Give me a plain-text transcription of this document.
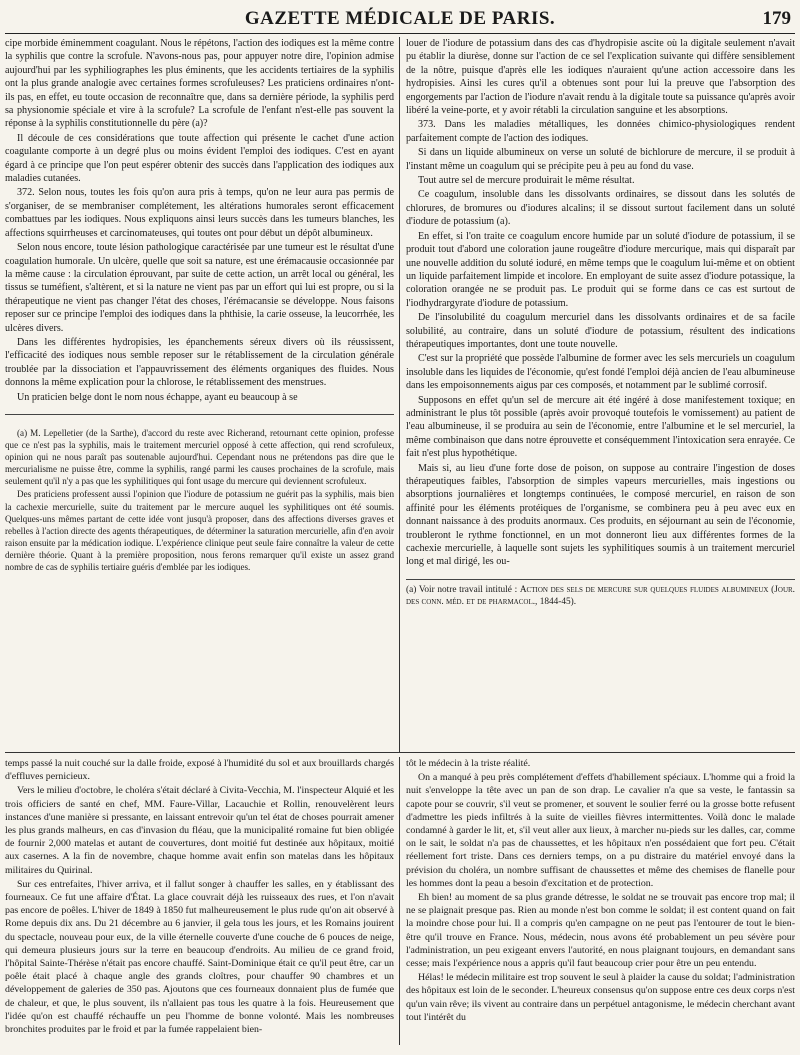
GAZETTE MÉDICALE DE PARIS.	179

cipe morbide éminemment coagulant. Nous le répétons, l'action des iodiques est la même contre la syphilis que contre la scrofule. N'avons-nous pas, pour appuyer notre dire, l'opinion admise aujourd'hui par les syphiliographes les plus éminents, que les accidents tertiaires de la syphilis ont la plus grande analogie avec certaines formes scrofuleuses? Les praticiens ordinaires n'ont-ils pas, en effet, eu toute occasion de reconnaître que, dans sa dernière période, la syphilis perd sa physionomie spéciale et vire à la scrofule? La scrofule de l'enfant n'est-elle pas souvent la réponse à la syphilis constitutionnelle du père (a)?

Il découle de ces considérations que toute affection qui présente le cachet d'une action coagulante comporte à un degré plus ou moins évident l'emploi des iodiques. C'est en ayant égard à ce principe que l'on peut espérer obtenir des succès dans l'application des iodiques aux maladies cutanées.

372. Selon nous, toutes les fois qu'on aura pris à temps, qu'on ne leur aura pas permis de s'organiser, de se membraniser complétement, les altérations humorales seront efficacement combattues par les iodiques. Nous expliquons ainsi leurs succès dans les tumeurs blanches, les affections squirrheuses et carcinomateuses, qui toutes ont pour début un dépôt albumineux.

Selon nous encore, toute lésion pathologique caractérisée par une tumeur est le résultat d'une coagulation humorale. Un ulcère, quelle que soit sa nature, est une érémacausie occasionnée par la même cause : la circulation éprouvant, par suite de cette action, un arrêt local ou général, les tissus se tuméfient, s'altèrent, et si la nature ne vient pas par un effort qui lui est propre, ou si la thérapeutique ne vient pas changer l'état des choses, l'érémacansie se développe. Nous faisons reposer sur ce principe l'emploi des iodiques dans la phthisie, la carie osseuse, la leucorrhée, les ulcères divers.

Dans les différentes hydropisies, les épanchements séreux divers où ils réussissent, l'efficacité des iodiques nous semble reposer sur le rétablissement de la circulation générale troublée par la dissociation et l'appauvrissement des éléments organiques des fluides. Nous donnons la même explication pour la chlorose, le rétablissement des menstrues.

Un praticien belge dont le nom nous échappe, ayant eu beaucoup à se

(a) M. Lepelletier (de la Sarthe), d'accord du reste avec Richerand, retournant cette opinion, professe que ce n'est pas la syphilis, mais le traitement mercuriel opposé à cette affection, qui rend scrofuleux, opinion qui ne nous paraît pas soutenable aujourd'hui. Cependant nous ne prétendons pas dire que le mercurialisme ne puisse être, comme la syphilis, rangé parmi les causes prochaines de la scrofule, mais seulement qu'il n'y a pas que les syphilitiques qui font usage du mercure qui deviennent scrofuleux.

Des praticiens professent aussi l'opinion que l'iodure de potassium ne guérit pas la syphilis, mais bien la cachexie mercurielle, suite du traitement par le mercure auquel les syphilitiques ont été soumis. Quelques-uns mêmes partant de cette idée vont jusqu'à proposer, dans des affections diverses graves et rebelles à l'action directe des agents thérapeutiques, de déterminer la saturation mercurielle, afin d'en avoir raison ensuite par la médication iodique. L'expérience clinique peut seule faire connaître la valeur de cette dernière théorie. Quant à la première proposition, nous ferons remarquer qu'il existe un assez grand nombre de cas de syphilis tertiaire guéris d'emblée par les iodiques.

louer de l'iodure de potassium dans des cas d'hydropisie ascite où la digitale seulement n'avait pu établir la diurèse, donne sur l'action de ce sel l'explication suivante qui diffère sensiblement de la nôtre, puisque d'après elle les iodiques n'auraient qu'une action accessoire dans les hydropisies. Ainsi les cures qu'il a obtenues sont pour lui la preuve que l'absorption des engorgements par l'action de l'iodure n'avait rendu à la digitale toute sa puissance qu'après avoir libéré la veine-porte, et y avoir rétabli la circulation sanguine et les absorptions.

373. Dans les maladies métalliques, les données chimico-physiologiques rendent parfaitement compte de l'action des iodiques.

Si dans un liquide albumineux on verse un soluté de bichlorure de mercure, il se produit à l'instant même un coagulum qui se précipite peu à peu au fond du vase.

Tout autre sel de mercure produirait le même résultat.

Ce coagulum, insoluble dans les dissolvants ordinaires, se dissout dans les solutés de chlorures, de bromures ou d'iodures alcalins; il se dissout surtout facilement dans un soluté d'iodure de potassium (a).

En effet, si l'on traite ce coagulum encore humide par un soluté d'iodure de potassium, il se produit tout d'abord une coloration jaune rougeâtre d'iodure mercurique, mais qui disparaît par une nouvelle addition du soluté ioduré, en même temps que le coagulum lui-même et on obtient un liquide parfaitement limpide et incolore. En employant de suite assez d'iodure potassique, la coloration orangée ne se produit pas. Le produit qui se forme dans ce cas est surtout de l'iodhydrargyrate d'iodure de potassium.

De l'insolubilité du coagulum mercuriel dans les dissolvants ordinaires et de sa facile solubilité, au contraire, dans un soluté d'iodure de potassium, résultent des indications thérapeutiques importantes, dont une toute nouvelle.

C'est sur la propriété que possède l'albumine de former avec les sels mercuriels un coagulum insoluble dans les liquides de l'économie, qu'est fondé l'emploi déjà ancien de l'eau albumineuse dans les empoisonnements aigus par ces composés, et notamment par le sublimé corrosif.

Supposons en effet qu'un sel de mercure ait été ingéré à dose manifestement toxique; en administrant le plus tôt possible (après avoir provoqué toutefois le vomissement) au patient de l'eau albumineuse, il se produira au sein de l'économie, entre l'albumine et le sel mercuriel, la même combinaison que dans notre éprouvette et conséquemment l'intoxication sera enrayée. Ce fait n'est plus hypothétique.

Mais si, au lieu d'une forte dose de poison, on suppose au contraire l'ingestion de doses thérapeutiques faibles, l'absorption de simples vapeurs mercurielles, mais ingestions ou absorptions journalières et longtemps continuées, le composé mercuriel, en raison de son affinité pour les éléments protéiques de l'organisme, se combinera peu à peu avec eux en donnant naissance à des produits anormaux. Ces produits, en séjournant au sein de l'économie, troubleront le rythme fonctionnel, en un mot donneront lieu aux différentes formes de la cachexie mercurielle, à laquelle sont sujets les syphilitiques soumis à un traitement mercuriel long et mal dirigé, les ou-

(a) Voir notre travail intitulé : Action des sels de mercure sur quelques fluides albumineux (Jour. des conn. méd. et de pharmacol., 1844-45).

temps passé la nuit couché sur la dalle froide, exposé à l'humidité du sol et aux brouillards chargés d'effluves pernicieux.

Vers le milieu d'octobre, le choléra s'était déclaré à Civita-Vecchia, M. l'inspecteur Alquié et les trois officiers de santé en chef, MM. Faure-Villar, Lacauchie et Rollin, renouvelèrent leurs instances d'une manière si pressante, en laissant entrevoir qu'un tel état de choses pourrait amener les plus grands malheurs, en cas d'invasion du fléau, que la municipalité romaine fut bien obligée de fournir 2,000 matelas et autant de couvertures, dont moitié fut destinée aux hôpitaux, moitié aux casernes. A la fin de novembre, chaque homme avait enfin son matelas dans les hôpitaux militaires du Quirinal.

Sur ces entrefaites, l'hiver arriva, et il fallut songer à chauffer les salles, en y établissant des fourneaux. Ce fut une affaire d'État. La glace couvrait déjà les ruisseaux des rues, et l'on n'avait pas encore de poêles. L'hiver de 1849 à 1850 fut malheureusement le plus rude qu'on ait observé à Rome depuis dix ans. Du 21 décembre au 6 janvier, il gela tous les jours, et les Romains jouirent du spectacle, nouveau pour eux, de la ville éternelle couverte d'une couche de 6 pouces de neige, qui demeura plusieurs jours sur la terre en beaucoup d'endroits. Au milieu de ce grand froid, l'hôpital Sainte-Thérèse n'était pas encore chauffé. Saint-Dominique était ce qu'il peut être, car un poêle était placé à chaque angle des grands cloîtres, pour chauffer 90 chambres et un développement de galeries de 350 pas. Ajoutons que ces fourneaux donnaient plus de fumée que de chaleur, et que, le plus souvent, ils n'allaient pas tous les quatre à la fois. Heureusement que l'idée qu'on est chauffé réchauffe un peu l'homme de bonne volonté. Mais les nombreuses bronchites produites par le froid et par la fumée rappelaient bien-

tôt le médecin à la triste réalité.

On a manqué à peu près complétement d'effets d'habillement spéciaux. L'homme qui a froid la nuit s'enveloppe la tête avec un pan de son drap. Le cavalier n'a que sa veste, le fantassin sa capote pour se couvrir, s'il veut se promener, et souvent le soulier ferré ou la grosse botte refusent d'admettre les pieds infiltrés à la suite de vieilles fièvres intermittentes. Voilà donc le malade condamné à garder le lit, et, s'il veut aller aux lieux, à marcher nu-pieds sur les dalles, car, comme on le sait, le soldat n'a pas de chaussettes, et les hôpitaux n'en possédaient que fort peu. C'était réellement fort triste. Dans ces derniers temps, on a pu distraire du matériel envoyé dans la prévision du choléra, un nombre suffisant de chaussettes et même des chemises de flanelle pour les hommes dont la peau a besoin d'excitation et de protection.

Eh bien! au moment de sa plus grande détresse, le soldat ne se trouvait pas encore trop mal; il ne se plaignait presque pas. Rien au monde n'est bon comme le soldat; il est content quand on fait la moindre chose pour lui. Il a compris qu'en campagne on ne peut pas l'entourer de tout le bien-être qu'il trouve en France. Nous, médecin, nous avons été probablement un peu sévère pour l'administration, un peu exigeant envers l'autorité, en nous plaignant toujours, en demandant sans cesse; mais l'expérience nous a appris qu'il faut beaucoup crier pour être un peu entendu.

Hélas! le médecin militaire est trop souvent le seul à plaider la cause du soldat; l'administration des hôpitaux est loin de le seconder. L'heureux consensus qu'on suppose entre ces deux corps n'est qu'un vain rêve; ils vivent au contraire dans un perpétuel antagonisme, le médecin cherchant avant tout l'intérêt du
